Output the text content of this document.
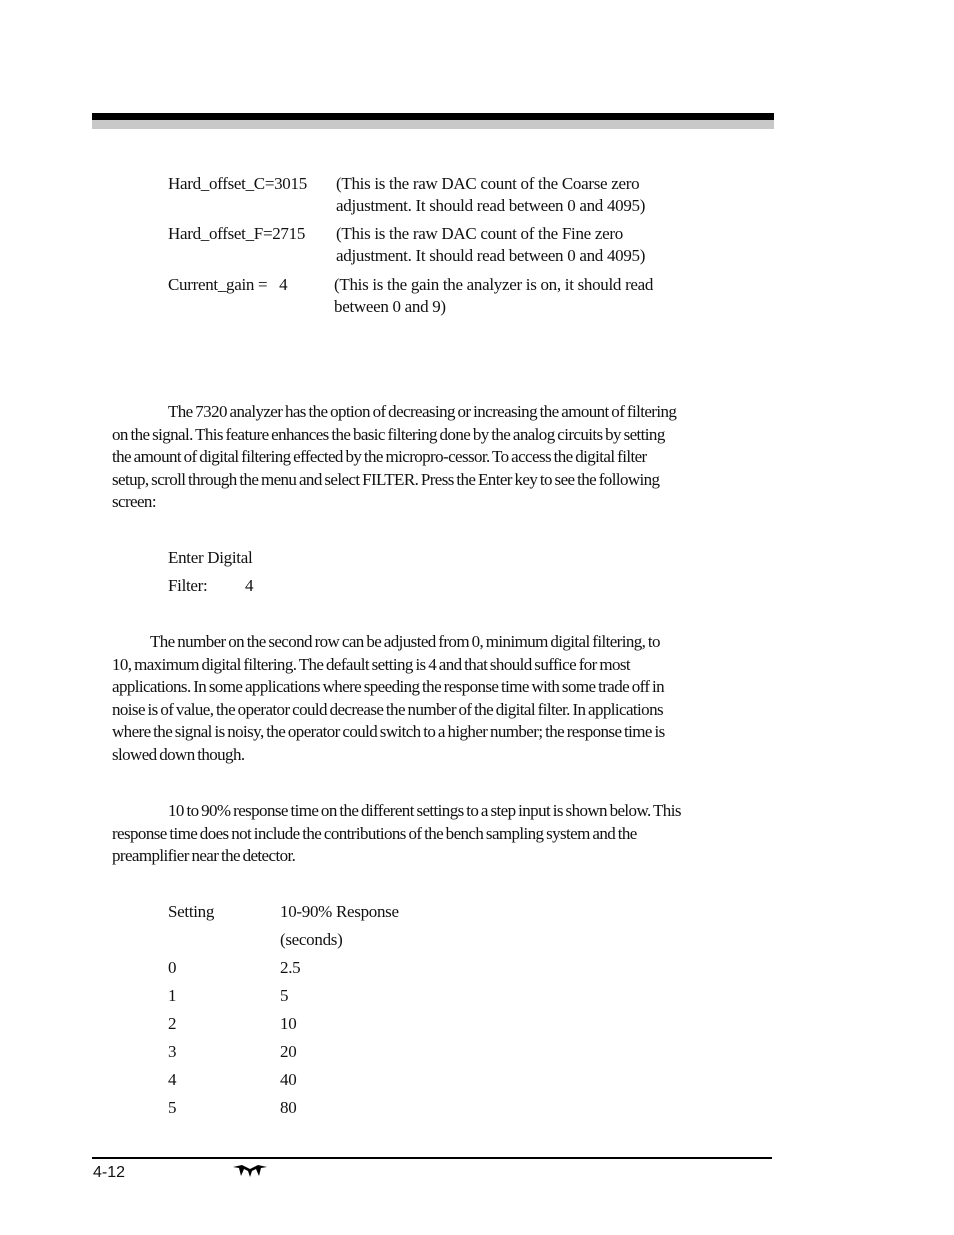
Hard_offset_C=3015 (This is the raw DAC count of the Coarse zero adjustment. It should read between 0 and 4095)
Hard_offset_F=2715 (This is the raw DAC count of the Fine zero adjustment. It should read between 0 and 4095)
Current_gain =   4	(This is the gain the analyzer is on, it should read between 0 and 9)
The 7320 analyzer has the option of decreasing or increasing the amount of filtering on the signal. This feature enhances the basic filtering done by the analog circuits by setting the amount of digital filtering effected by the micropro-cessor. To access the digital filter setup, scroll through the menu and select FILTER. Press the Enter key to see the following screen:
Enter Digital
Filter: 4
The number on the second row can be adjusted from 0, minimum digital filtering, to 10, maximum digital filtering. The default setting is 4 and that should suffice for most applications. In some applications where speeding the response time with some trade off in noise is of value, the operator could decrease the number of the digital filter. In applications where the signal is noisy, the operator could switch to a higher number; the response time is slowed down though.
10 to 90% response time on the different settings to a step input is shown below. This response time does not include the contributions of the bench sampling system and the preamplifier near the detector.
Setting	10-90% Response
(seconds)
0	2.5
1	5
2	10
3	20
4	40
5	80
4-12
